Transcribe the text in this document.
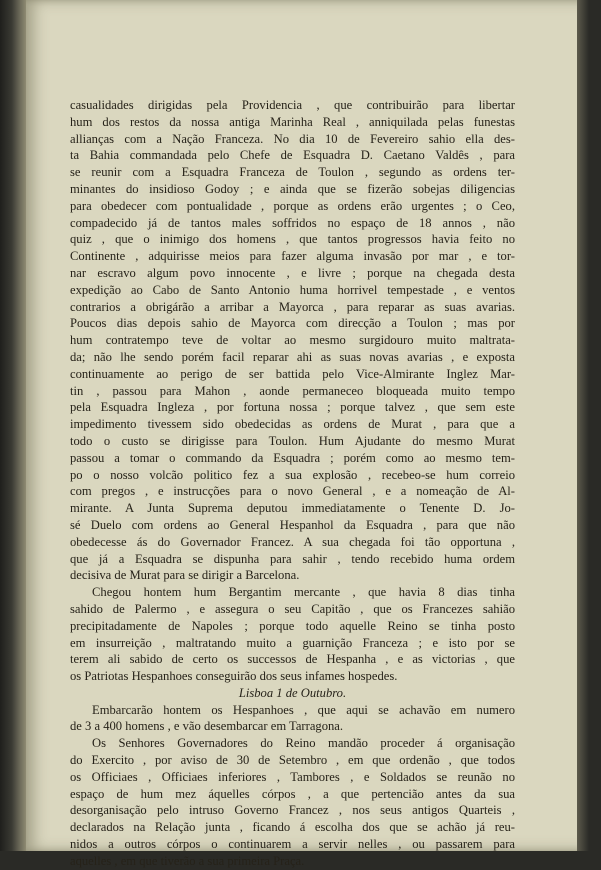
casualidades dirigidas pela Providencia , que contribuirão para libertar
hum dos restos da nossa antiga Marinha Real , anniquilada pelas funestas
allianças com a Nação Franceza. No dia 10 de Fevereiro sahio ella des-
ta Bahia commandada pelo Chefe de Esquadra D. Caetano Valdês , para
se reunir com a Esquadra Franceza de Toulon , segundo as ordens ter-
minantes do insidioso Godoy ; e ainda que se fizerão sobejas diligencias
para obedecer com pontualidade , porque as ordens erão urgentes ; o Ceo,
compadecido já de tantos males soffridos no espaço de 18 annos , não
quiz , que o inimigo dos homens , que tantos progressos havia feito no
Continente , adquirisse meios para fazer alguma invasão por mar , e tor-
nar escravo algum povo innocente , e livre ; porque na chegada desta
expedição ao Cabo de Santo Antonio huma horrivel tempestade , e ventos
contrarios a obrigárão a arribar a Mayorca , para reparar as suas avarias.
Poucos dias depois sahio de Mayorca com direcção a Toulon ; mas por
hum contratempo teve de voltar ao mesmo surgidouro muito maltrata-
da; não lhe sendo porém facil reparar ahi as suas novas avarias , e exposta
continuamente ao perigo de ser battida pelo Vice-Almirante Inglez Mar-
tin , passou para Mahon , aonde permaneceo bloqueada muito tempo
pela Esquadra Ingleza , por fortuna nossa ; porque talvez , que sem este
impedimento tivessem sido obedecidas as ordens de Murat , para que a
todo o custo se dirigisse para Toulon. Hum Ajudante do mesmo Murat
passou a tomar o commando da Esquadra ; porém como ao mesmo tem-
po o nosso volcão politico fez a sua explosão , recebeo-se hum correio
com pregos , e instrucções para o novo General , e a nomeação de Al-
mirante. A Junta Suprema deputou immediatamente o Tenente D. Jo-
sé Duelo com ordens ao General Hespanhol da Esquadra , para que não
obedecesse ás do Governador Francez. A sua chegada foi tão opportuna ,
que já a Esquadra se dispunha para sahir , tendo recebido huma ordem
decisiva de Murat para se dirigir a Barcelona.
Chegou hontem hum Bergantim mercante , que havia 8 dias tinha
sahido de Palermo , e assegura o seu Capitão , que os Francezes sahião
precipitadamente de Napoles ; porque todo aquelle Reino se tinha posto
em insurreição , maltratando muito a guarnição Franceza ; e isto por se
terem ali sabido de certo os successos de Hespanha , e as victorias , que
os Patriotas Hespanhoes conseguirão dos seus infames hospedes.
Lisboa 1 de Outubro.
Embarcarão hontem os Hespanhoes , que aqui se achavão em numero
de 3 a 400 homens , e vão desembarcar em Tarragona.
Os Senhores Governadores do Reino mandão proceder á organisação
do Exercito , por aviso de 30 de Setembro , em que ordenão , que todos
os Officiaes , Officiaes inferiores , Tambores , e Soldados se reunão no
espaço de hum mez áquelles córpos , a que pertencião antes da sua
desorganisação pelo intruso Governo Francez , nos seus antigos Quarteis ,
declarados na Relação junta , ficando á escolha dos que se achão já reu-
nidos a outros córpos o continuarem a servir nelles , ou passarem para
aquelles , em que tiverão a sua primeira Praça.
